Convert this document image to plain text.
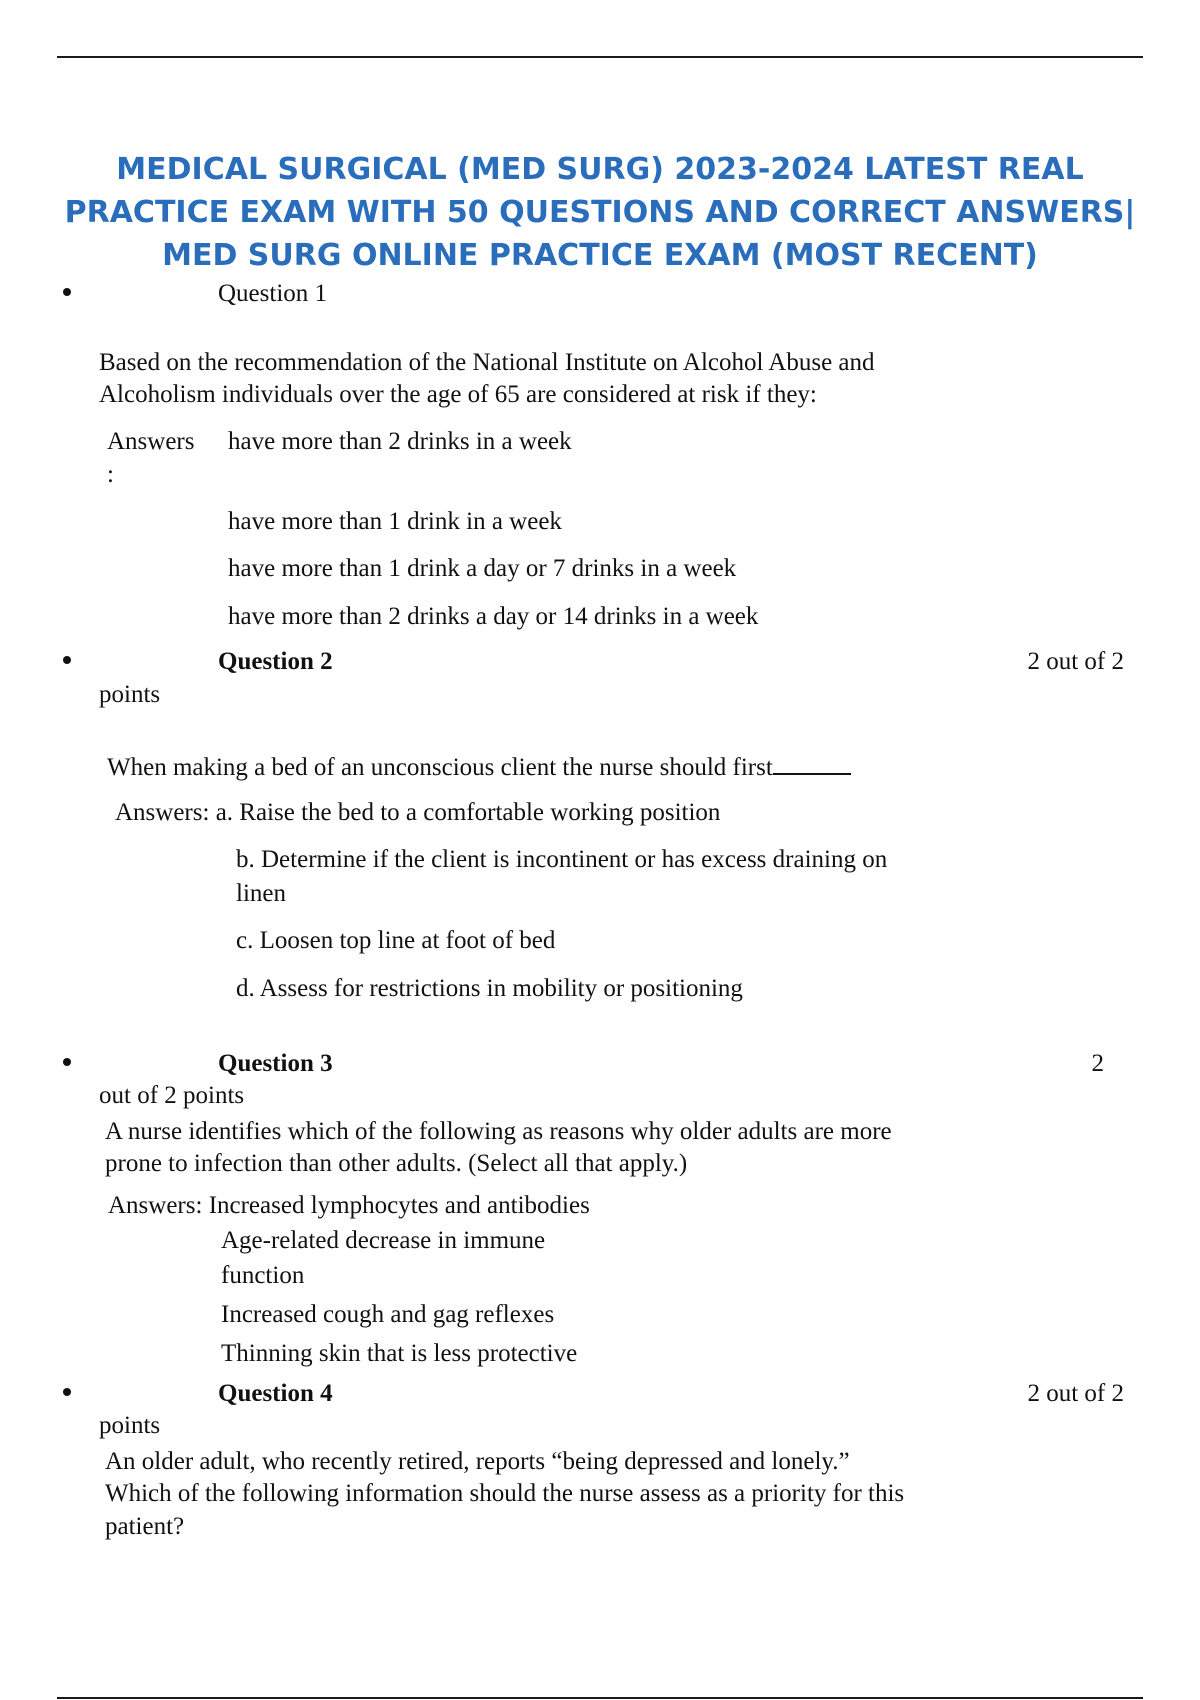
MEDICAL SURGICAL (MED SURG) 2023-2024 LATEST REAL
PRACTICE EXAM WITH 50 QUESTIONS AND CORRECT ANSWERS|
MED SURG ONLINE PRACTICE EXAM (MOST RECENT)
Question 1
Based on the recommendation of the National Institute on Alcohol Abuse and
Alcoholism individuals over the age of 65 are considered at risk if they:
Answers
:
have more than 2 drinks in a week
have more than 1 drink in a week
have more than 1 drink a day or 7 drinks in a week
have more than 2 drinks a day or 14 drinks in a week
Question 2	2 out of 2
points
When making a bed of an unconscious client the nurse should first
Answers: a. Raise the bed to a comfortable working position
b. Determine if the client is incontinent or has excess draining on
linen
c. Loosen top line at foot of bed
d. Assess for restrictions in mobility or positioning
Question 3	2
out of 2 points
A nurse identifies which of the following as reasons why older adults are more
prone to infection than other adults. (Select all that apply.)
Answers: Increased lymphocytes and antibodies
Age-related decrease in immune
function
Increased cough and gag reflexes
Thinning skin that is less protective
Question 4	2 out of 2
points
An older adult, who recently retired, reports “being depressed and lonely.”
Which of the following information should the nurse assess as a priority for this
patient?
